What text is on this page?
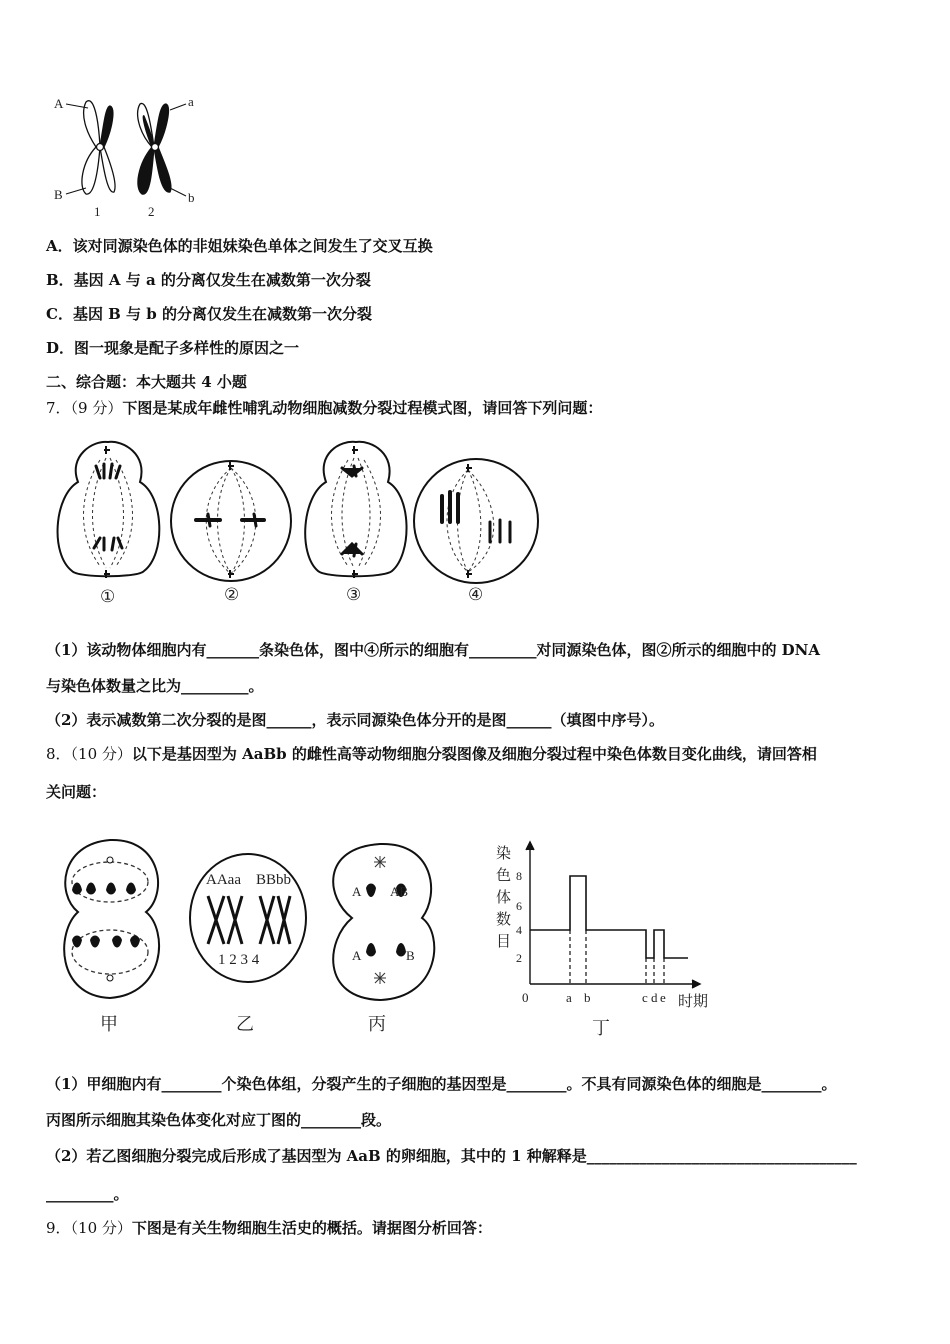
A	a
B	b
1	2
A．该对同源染色体的非姐妹染色单体之间发生了交叉互换
B．基因 A 与 a 的分离仅发生在减数第一次分裂
C．基因 B 与 b 的分离仅发生在减数第一次分裂
D．图一现象是配子多样性的原因之一
二、综合题：本大题共 4 小题
7．（9 分）下图是某成年雌性哺乳动物细胞减数分裂过程模式图，请回答下列问题：
①	②	③	④
（1）该动物体细胞内有_______条染色体，图中④所示的细胞有_________对同源染色体，图②所示的细胞中的 DNA
与染色体数量之比为_________。
（2）表示减数第二次分裂的是图______，表示同源染色体分开的是图______（填图中序号）。
8．（10 分）以下是基因型为 AaBb 的雌性高等动物细胞分裂图像及细胞分裂过程中染色体数目变化曲线，请回答相
关问题：
AAaa BBbb
1 2 3 4
A AB
A	B
甲	乙	丙
染
色
体
数
目
8
6
4
2
0	a b	c d e 时期
丁
（1）甲细胞内有________个染色体组，分裂产生的子细胞的基因型是________。不具有同源染色体的细胞是________。
丙图所示细胞其染色体变化对应丁图的________段。
（2）若乙图细胞分裂完成后形成了基因型为 AaB 的卵细胞，其中的 1 种解释是____________________________________
_________。
9．（10 分）下图是有关生物细胞生活史的概括。请据图分析回答：
